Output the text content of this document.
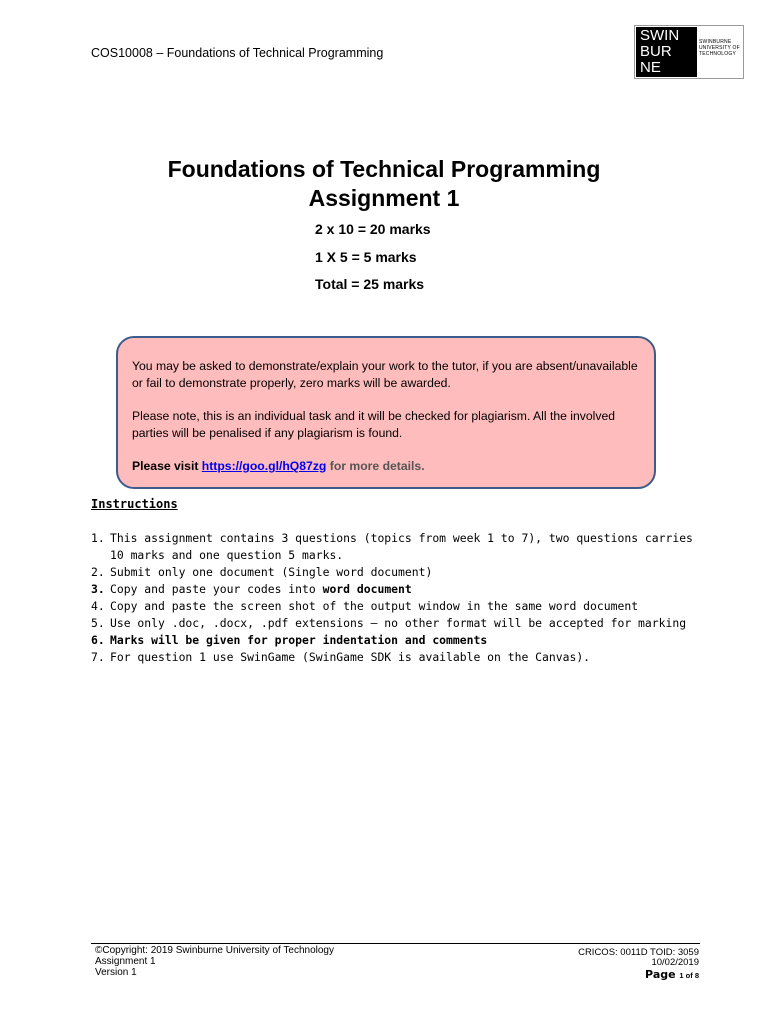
COS10008 – Foundations of Technical Programming
SWIN
BUR
NE
SWINBURNE
UNIVERSITY OF
TECHNOLOGY
Foundations of Technical Programming
Assignment 1
2 x 10 = 20 marks
1 X 5 = 5 marks
Total = 25 marks

You may be asked to demonstrate/explain your work to the tutor, if you are absent/unavailable or fail to demonstrate properly, zero marks will be awarded.

Please note, this is an individual task and it will be checked for plagiarism. All the involved parties will be penalised if any plagiarism is found.

Please visit https://goo.gl/hQ87zg for more details.

Instructions
1. This assignment contains 3 questions (topics from week 1 to 7), two questions carries
10 marks and one question 5 marks.
2. Submit only one document (Single word document)
3. Copy and paste your codes into word document
4. Copy and paste the screen shot of the output window in the same word document
5. Use only .doc, .docx, .pdf extensions – no other format will be accepted for marking
6. Marks will be given for proper indentation and comments
7. For question 1 use SwinGame (SwinGame SDK is available on the Canvas).
©Copyright: 2019 Swinburne University of Technology
Assignment 1
Version 1
CRICOS: 0011D TOID: 3059
10/02/2019
Page 1 of 8
